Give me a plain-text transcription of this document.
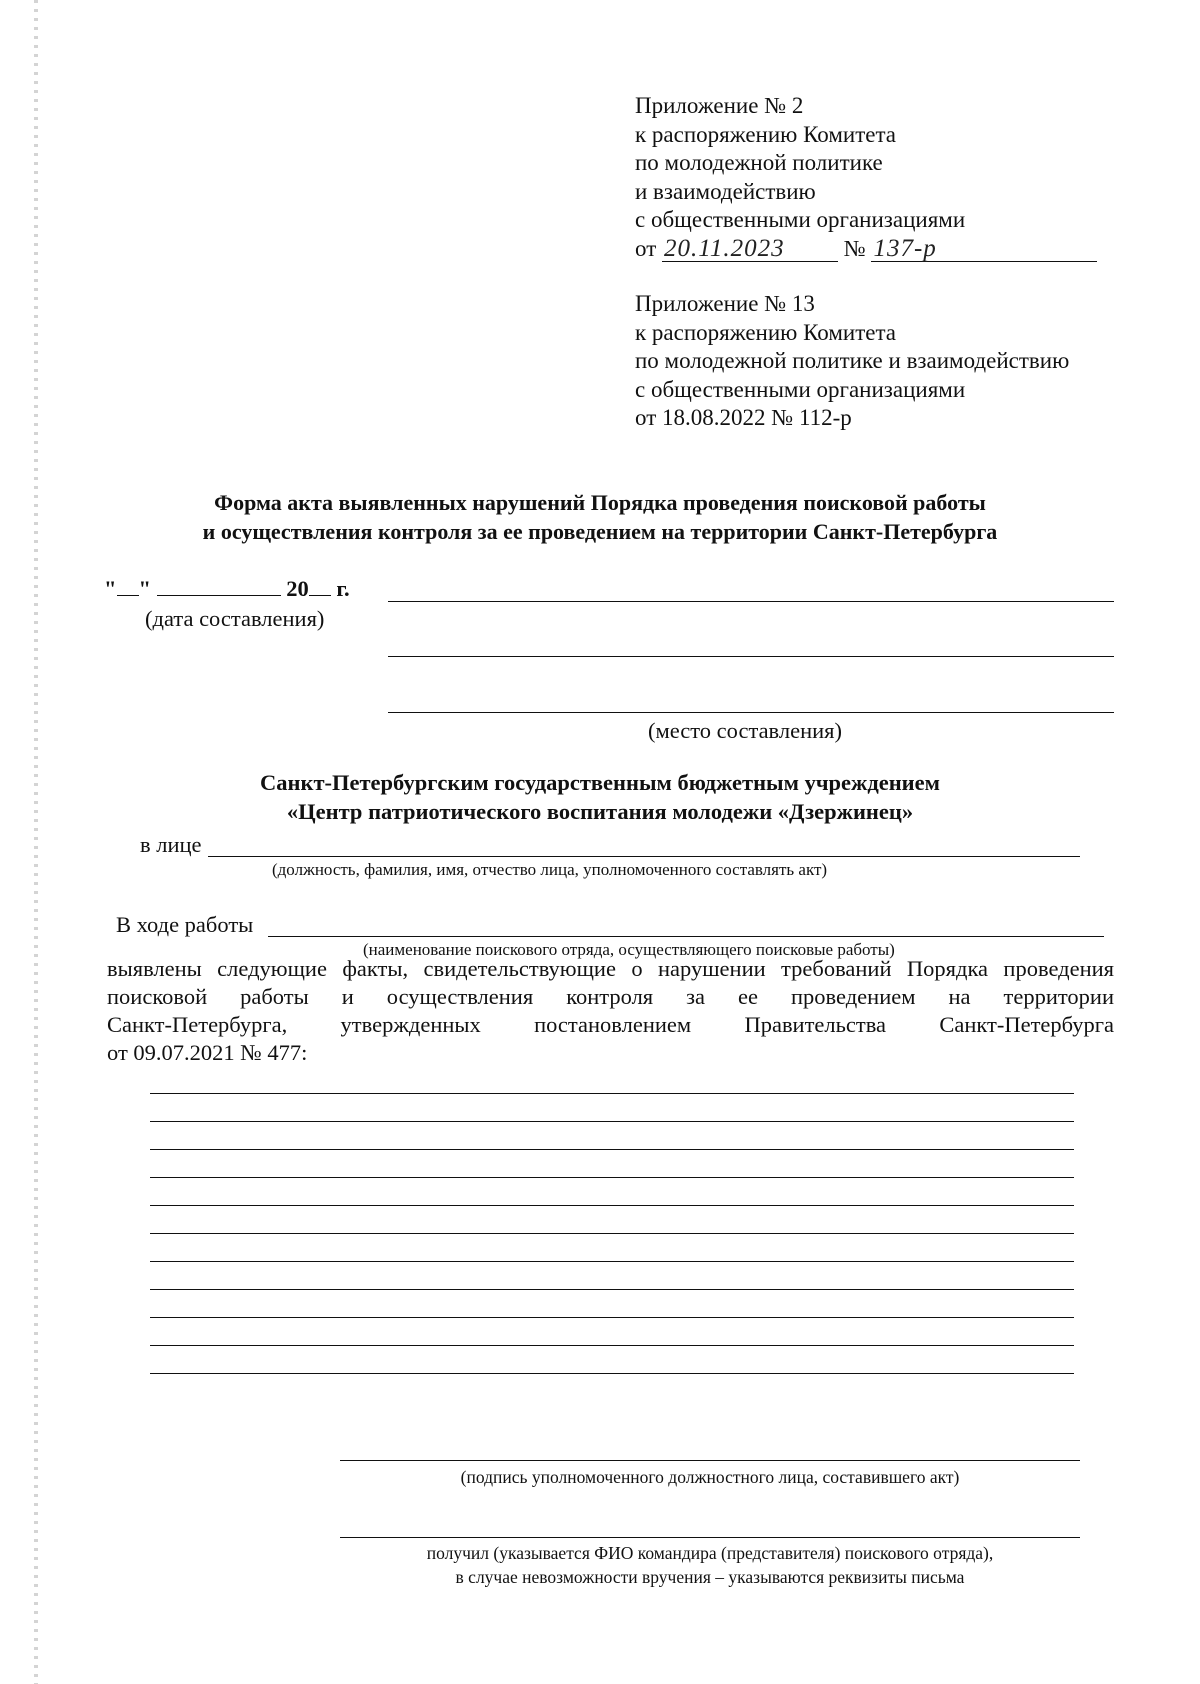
Приложение № 2
к распоряжению Комитета
по молодежной политике
и взаимодействию
с общественными организациями
от 20.11.2023	№ 137-р
Приложение № 13
к распоряжению Комитета
по молодежной политике и взаимодействию
с общественными организациями
от 18.08.2022 № 112-р
Форма акта выявленных нарушений Порядка проведения поисковой работы
и осуществления контроля за ее проведением на территории Санкт-Петербурга
" "	20 г.
(дата составления)
(место составления)
Санкт-Петербургским государственным бюджетным учреждением
«Центр патриотического воспитания молодежи «Дзержинец»
в лице
(должность, фамилия, имя, отчество лица, уполномоченного составлять акт)
В ходе работы
(наименование поискового отряда, осуществляющего поисковые работы)
выявлены следующие факты, свидетельствующие о нарушении требований Порядка проведения
поисковой работы и осуществления контроля за ее проведением на территории
Санкт-Петербурга, утвержденных постановлением Правительства Санкт-Петербурга
от 09.07.2021 № 477:
(подпись уполномоченного должностного лица, составившего акт)
получил (указывается ФИО командира (представителя) поискового отряда),
в случае невозможности вручения – указываются реквизиты письма
